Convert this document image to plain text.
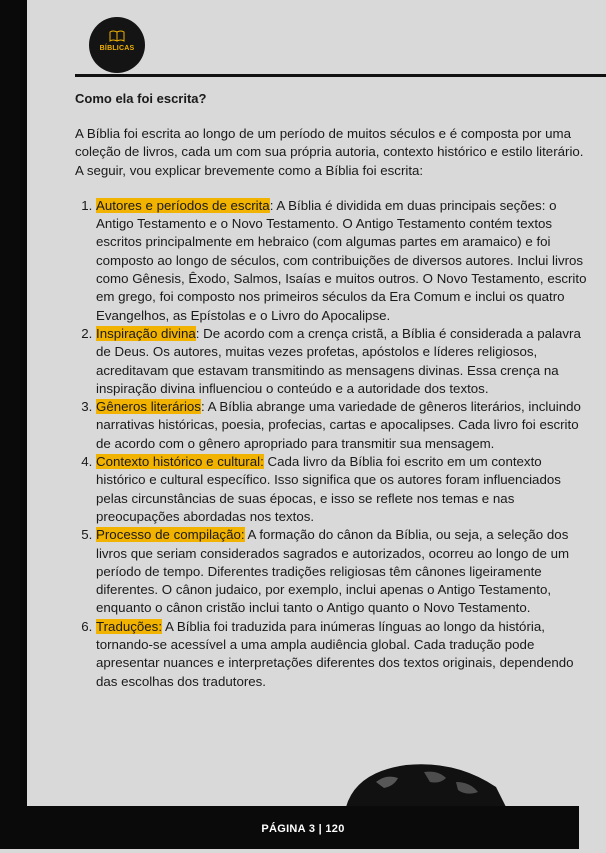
BÍBLICAS

Como ela foi escrita?

A Bíblia foi escrita ao longo de um período de muitos séculos e é composta por uma coleção de livros, cada um com sua própria autoria, contexto histórico e estilo literário. A seguir, vou explicar brevemente como a Bíblia foi escrita:

1. Autores e períodos de escrita: A Bíblia é dividida em duas principais seções: o Antigo Testamento e o Novo Testamento. O Antigo Testamento contém textos escritos principalmente em hebraico (com algumas partes em aramaico) e foi composto ao longo de séculos, com contribuições de diversos autores. Inclui livros como Gênesis, Êxodo, Salmos, Isaías e muitos outros. O Novo Testamento, escrito em grego, foi composto nos primeiros séculos da Era Comum e inclui os quatro Evangelhos, as Epístolas e o Livro do Apocalipse.
2. Inspiração divina: De acordo com a crença cristã, a Bíblia é considerada a palavra de Deus. Os autores, muitas vezes profetas, apóstolos e líderes religiosos, acreditavam que estavam transmitindo as mensagens divinas. Essa crença na inspiração divina influenciou o conteúdo e a autoridade dos textos.
3. Gêneros literários: A Bíblia abrange uma variedade de gêneros literários, incluindo narrativas históricas, poesia, profecias, cartas e apocalipses. Cada livro foi escrito de acordo com o gênero apropriado para transmitir sua mensagem.
4. Contexto histórico e cultural: Cada livro da Bíblia foi escrito em um contexto histórico e cultural específico. Isso significa que os autores foram influenciados pelas circunstâncias de suas épocas, e isso se reflete nos temas e nas preocupações abordadas nos textos.
5. Processo de compilação: A formação do cânon da Bíblia, ou seja, a seleção dos livros que seriam considerados sagrados e autorizados, ocorreu ao longo de um período de tempo. Diferentes tradições religiosas têm cânones ligeiramente diferentes. O cânon judaico, por exemplo, inclui apenas o Antigo Testamento, enquanto o cânon cristão inclui tanto o Antigo quanto o Novo Testamento.
6. Traduções: A Bíblia foi traduzida para inúmeras línguas ao longo da história, tornando-se acessível a uma ampla audiência global. Cada tradução pode apresentar nuances e interpretações diferentes dos textos originais, dependendo das escolhas dos tradutores.
PÁGINA 3 | 120
